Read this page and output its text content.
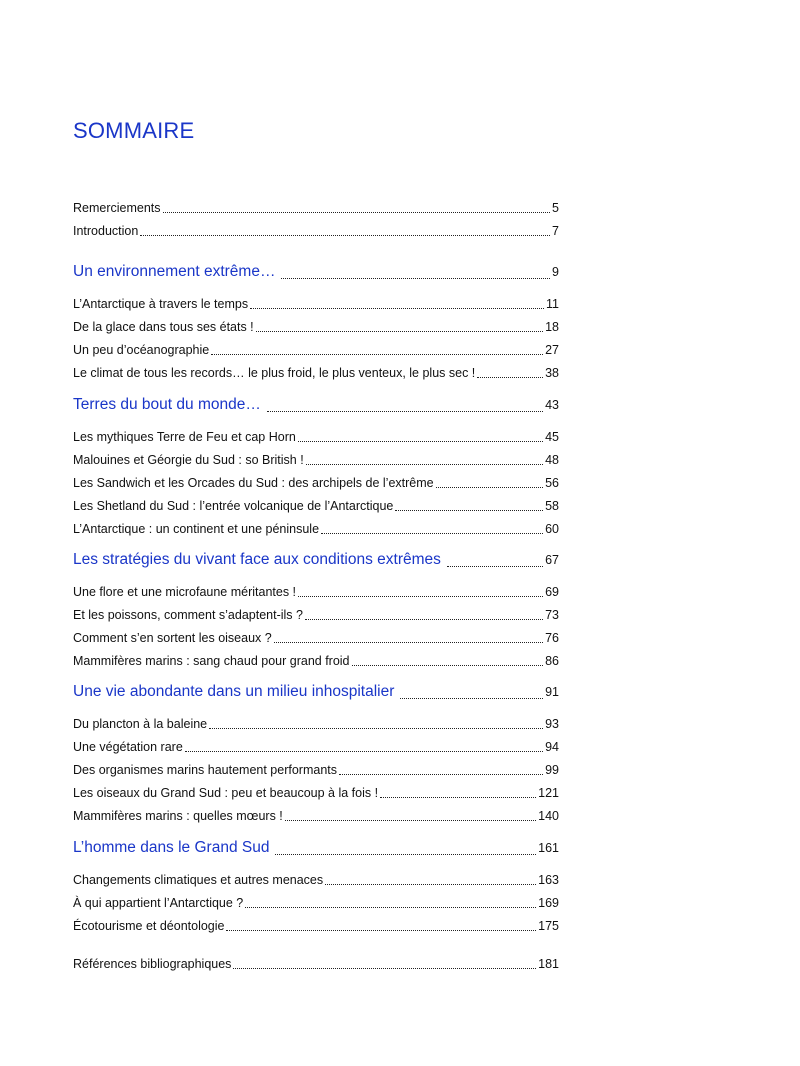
SOMMAIRE
Remerciements	5
Introduction	7
Un environnement extrême…	9
L’Antarctique à travers le temps	11
De la glace dans tous ses états !	18
Un peu d’océanographie	27
Le climat de tous les records… le plus froid, le plus venteux, le plus sec !	38
Terres du bout du monde…	43
Les mythiques Terre de Feu et cap Horn	45
Malouines et Géorgie du Sud : so British !	48
Les Sandwich et les Orcades du Sud : des archipels de l’extrême	56
Les Shetland du Sud : l’entrée volcanique de l’Antarctique	58
L’Antarctique : un continent et une péninsule	60
Les stratégies du vivant face aux conditions extrêmes	67
Une flore et une microfaune méritantes !	69
Et les poissons, comment s’adaptent-ils ?	73
Comment s’en sortent les oiseaux ?	76
Mammifères marins : sang chaud pour grand froid	86
Une vie abondante dans un milieu inhospitalier	91
Du plancton à la baleine	93
Une végétation rare	94
Des organismes marins hautement performants	99
Les oiseaux du Grand Sud : peu et beaucoup à la fois !	121
Mammifères marins : quelles mœurs !	140
L’homme dans le Grand Sud	161
Changements climatiques et autres menaces	163
À qui appartient l’Antarctique ?	169
Écotourisme et déontologie	175
Références bibliographiques	181
